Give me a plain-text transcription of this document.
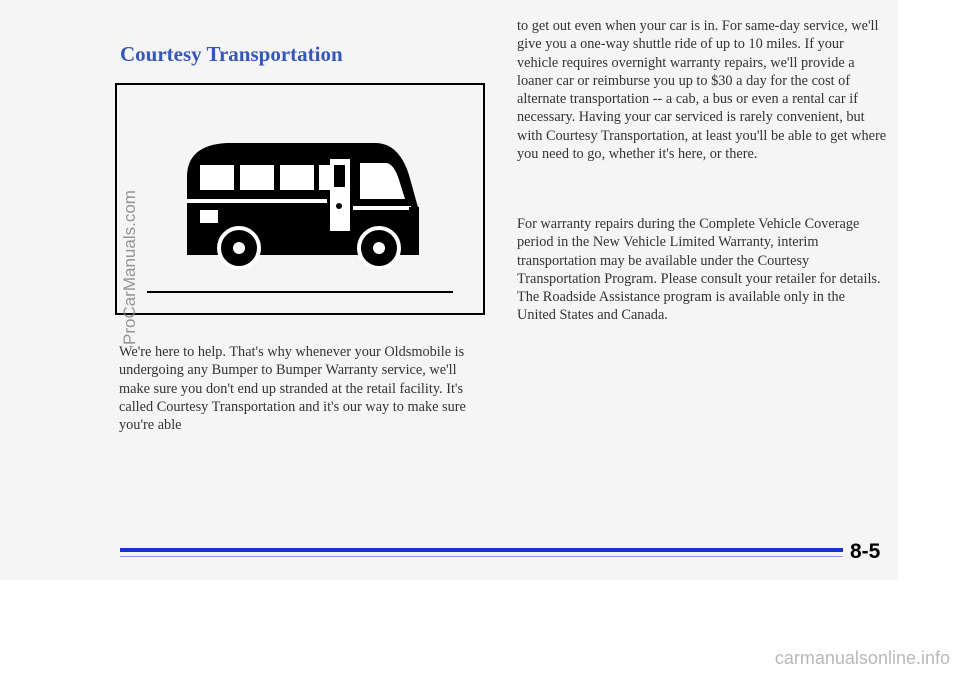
Courtesy Transportation

We're here to help. That's why whenever your Oldsmobile is undergoing any Bumper to Bumper Warranty service, we'll make sure you don't end up stranded at the retail facility. It's called Courtesy Transportation and it's our way to make sure you're able

to get out even when your car is in. For same-day service, we'll give you a one-way shuttle ride of up to 10 miles. If your vehicle requires overnight warranty repairs, we'll provide a loaner car or reimburse you up to $30 a day for the cost of alternate transportation -- a cab, a bus or even a rental car if necessary. Having your car serviced is rarely convenient, but with Courtesy Transportation, at least you'll be able to get where you need to go, whether it's here, or there.

For warranty repairs during the Complete Vehicle Coverage period in the New Vehicle Limited Warranty, interim transportation may be available under the Courtesy Transportation Program. Please consult your retailer for details. The Roadside Assistance program is available only in the United States and Canada.

8-5
ProCarManuals.com
carmanualsonline.info
